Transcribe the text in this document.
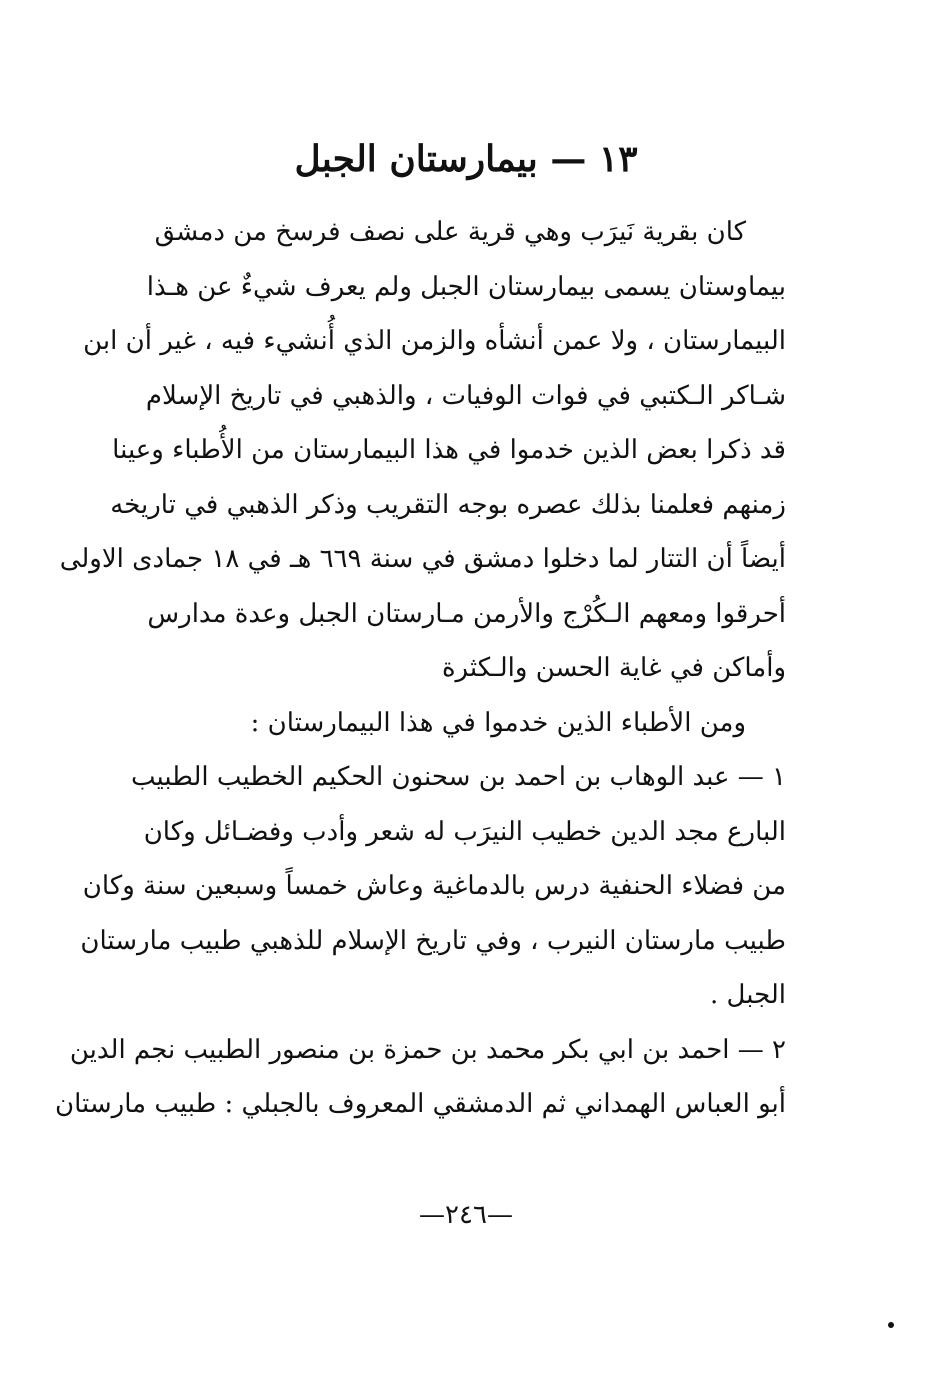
١٣ — بيمارستان الجبل
كان بقرية نَيرَب وهي قرية على نصف فرسخ من دمشق
بيماوستان يسمى بيمارستان الجبل ولم يعرف شيءٌ عن هـذا
البيمارستان ، ولا عمن أنشأه والزمن الذي أُنشيء فيه ، غير أن ابن
شـاكر الـكتبي في فوات الوفيات ، والذهبي في تاريخ الإسلام
قد ذكرا بعض الذين خدموا في هذا البيمارستان من الأُطباء وعينا
زمنهم فعلمنا بذلك عصره بوجه التقريب وذكر الذهبي في تاريخه
أيضاً أن التتار لما دخلوا دمشق في سنة ٦٦٩ هـ في ١٨ جمادى الاولى
أحرقوا ومعهم الـكُرْج والأرمن مـارستان الجبل وعدة مدارس
وأماكن في غاية الحسن والـكثرة
ومن الأطباء الذين خدموا في هذا البيمارستان :
١ — عبد الوهاب بن احمد بن سحنون الحكيم الخطيب الطبيب
البارع مجد الدين خطيب النيرَب له شعر وأدب وفضـائل وكان
من فضلاء الحنفية درس بالدماغية وعاش خمساً وسبعين سنة وكان
طبيب مارستان النيرب ، وفي تاريخ الإسلام للذهبي طبيب مارستان
الجبل .
٢ — احمد بن ابي بكر محمد بن حمزة بن منصور الطبيب نجم الدين
أبو العباس الهمداني ثم الدمشقي المعروف بالجبلي : طبيب مارستان
—٢٤٦—
